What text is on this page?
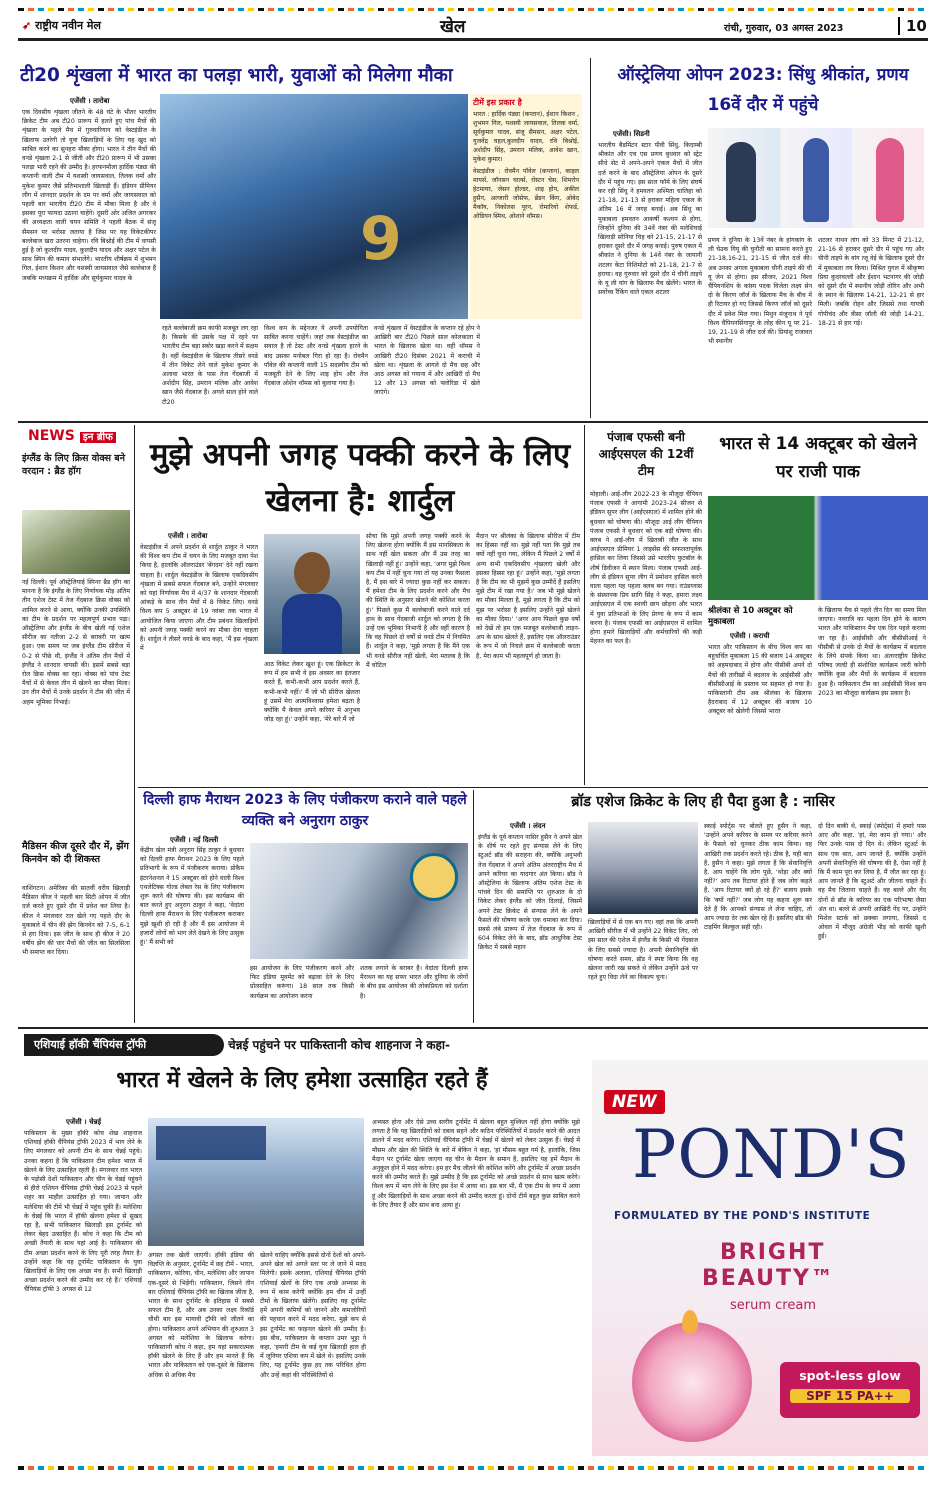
➶ राष्ट्रीय नवीन मेल	खेल	रांची, गुरुवार, 03 अगस्त 2023	10
टी20 शृंखला में भारत का पलड़ा भारी, युवाओं को मिलेगा मौका
एजेंसी । तारोबा
एक दिवसीय शृंखला जीतने के 48 घंटे के भीतर भारतीय क्रिकेट टीम अब टी20 प्रारूप में हलते हुए पांच मैचों की शृंखला के पहले मैच में गुरुवारियान को वेस्टइंडीज के खिलाफ उतरेगी तो युवा खिलाड़ियों के लिए यह खुद को साबित करने का सुनहरा मौका होगा। भारत ने तीन मैचों की वनडे शृंखला 2-1 से जीती और टी20 प्रारूप में भी उसका पलड़ा भारी रहने की उम्मीद है। हरफनमौला हार्दिक पंड्या की कप्तानी वाली टीम में यशस्वी जायसवाल, तिलक वर्मा और मुकेश कुमार जैसे प्रतिभाशाली खिलाड़ी हैं। इंडियन प्रीमियर लीग में शानदार प्रदर्शन के दम पर वर्मा और जायसवाल को पहली बार भारतीय टी20 टीम में मौका मिला है और वे इसका पूरा फायदा उठाना चाहेंगे। दूसरी ओर अजित अगरकर की अध्यक्षता वाली चयन समिति ने पहली बैठक में संजू सैमसन पर भरोसा जताया है जिस पर यह विकेटकीपर बल्लेबाज खरा उतरना चाहेगा। रवि बिश्नोई की टीम में वापसी हुई है जो कुलदीप यादव, कुलदीप यादव और अक्षर पटेल के साथ स्पिन की कमान संभालेंगे। भारतीय शीर्षक्रम में शुभमन गिल, ईशान किशन और यशस्वी जायसवाल जैसे बल्लेबाज हैं जबकि मध्यक्रम में हार्दिक और सूर्यकुमार यादव के
9
टीमें इस प्रकार है
भारत : हार्दिक पंड्या (कप्तान), ईशान किशन , शुभमन गिल, यशस्वी जायसवाल, तिलक वर्मा, सूर्यकुमार यादव, संजू सैमसन, अक्षर पटेल, युजवेंद्र चहल,कुलदीप यादव, रवि बिश्नोई, अर्शदीप सिंह, उमरान मलिक, आवेश खान, मुकेश कुमार।
वेस्टइंडीज : रोवमैन पॉवेल (कप्तान), काइल मायर्स, जॉनसन चार्ल्स, रोस्टन चेस, शिमरोन हेटमायर, जेसन होल्डर, शाइ होप, अकील हुसैन, अल्जारी जोसेफ, ब्रेंडन किंग, ओबेद मैकॉय, निकोलस पूरन, रोमारियो शेफर्ड, ओडियन स्मिथ, ओशाने थॉमस।
रहते बल्लेबाजी क्रम काफी मजबूत लग रहा है। किसके की उसके पक्ष में रहने पर भारतीय टीम बड़ा स्कोर खड़ा करने में सक्षम है। वहीं वेस्टइंडीज के खिलाफ तीसरे वनडे में तीन विकेट लेने वाले मुकेश कुमार के अलावा भारत के पास तेज गेंदबाजी में अर्शदीप सिंह, उमरान मलिक और आवेश खान जैसे गेंदबाज हैं। अगले साल होने वाले टी20
विश्व कप के मद्देनजर ये अपनी उपयोगिता साबित करना चाहेंगे। जहां तक वेस्टइंडीज का सवाल है तो टेस्ट और वनडे शृंखला हारने के बाद उसका मनोबल गिरा हो रहा है। रोवमैन पॉवेल की कप्तानी वाली 15 सदस्यीय टीम को मजबूती देने के लिए शाइ होप और तेज गेंदबाज ओशेन थॉमस को बुलाया गया है।
वनडे शृंखला में वेस्टइंडीज के कप्तान रहे होप ने आखिरी बार टी20 पिछले साल कोलकाता में भारत के खिलाफ खेला था। वहीं थॉमस ने आखिरी टी20 दिसंबर 2021 में कराची में खेला था। शृंखला के आगले दो मैच छह और आठ अगस्त को गयाना में और आखिरी दो मैच 12 और 13 अगस्त को फ्लोरिडा में खेले जाएंगे।
ऑस्ट्रेलिया ओपन 2023: सिंधु श्रीकांत, प्रणय 16वें दौर में पहुंचे
एजेंसी। सिडनी
भारतीय बैडमिंटन स्टार पीवी सिंधु, किदाम्बी श्रीकांत और एच एस प्रणय बुधवार को स्ट्रेट सीधे सेट में अपने-अपने एकल मैचों में जीत दर्ज करने के बाद ऑस्ट्रेलिया ओपन के दूसरे दौर में पहुंच गए। इस साल फॉर्म के लिए संघर्ष कर रही सिंधु ने हमवतन अश्मिता चालिहा को 21-18, 21-13 से हराकर महिला एकल के अंतिम 16 में जगह बनाई। अब सिंधु का मुकाबला हमवतन आकर्षी कश्यप से होगा, जिन्होंने दुनिया की 34वें नंबर की मलेशियाई खिलाड़ी सोनिया चिह को 21-15, 21-17 से हराकर दूसरे दौर में जगह बनाई। पुरुष एकल में श्रीकांत ने दुनिया के 14वें नंबर के जापानी शटलर केंटा निशिमोटो को 21-18, 21-7 से हराया। वह गुरुवार को दूसरे दौर में चीनी ताइपे के यू ली यांग के खिलाफ मैच खेलेंगे। भारत के सर्वोच्च रैंकिंग वाले एकल शटलर
प्रणय ने दुनिया के 13वें नंबर के हांगकांग के ली चेउक यियू की चुनौती का सामना करते हुए 21-18,16-21, 21-15 से जीत दर्ज की। अब उनका अगला मुकाबला चीनी ताइपे की ची यू जेन से होगा। इस सीजन, 2021 विश्व चैंपियनशिप के कांस्य पदक विजेता लक्ष्य सेन दो के किरण जॉर्ज के खिलाफ मैच के बीच में ही रिटायर हो गए जिससे किरण जॉर्ज को दूसरे दौर में प्रवेश मिल गया। मिथुन मंजूनाथ ने पूर्व विश्व चैंपियनसिंगापुर के लोह कीन यू पर 21-19, 21-19 से जीत दर्ज की। प्रियांशु राजावत भी स्थानीय
शटलर नाथन तांग को 33 मिनट में 21-12, 21-16 से हराकर दूसरे दौर में पहुंच गए और चीनी ताइपे के वांग त्जू वेई के खिलाफ दूसरे दौर में मुकाबला तय किया। मिश्रित युगल में श्रीकृष्ण प्रिया कुदरवल्ली और ईशान भटनागर की जोड़ी को दूसरे दौर में स्थानीय जोड़ी तोरिन और अभी के स्थान के खिलाफ 14-21, 12-21 से हार मिली। जबकि रोहन और जिससे तथा गायत्री गोपीचंद और त्रीसा जॉली की जोड़ी 14-21, 18-21 से हार गई।
NEWS इन ब्रीफ
इंग्लैंड के लिए क्रिस वोक्स बने वरदान : ब्रैड हॉग
नई दिल्ली। पूर्व ऑस्ट्रेलियाई स्पिनर ब्रैड हॉग का मानना है कि इंग्लैंड के लिए निर्णायक मोड़ अंतिम तीन एशेज टेस्ट में तेज गेंदबाज क्रिस वोक्स को शामिल करने से आया, क्योंकि उनकी उपस्थिति का टीम के प्रदर्शन पर महत्वपूर्ण प्रभाव पड़ा। ऑस्ट्रेलिया और इंग्लैंड के बीच खेली गई एशेज सीरीज का नतीजा 2-2 से बराबरी पर खत्म हुआ। एक समय पर जब इंग्लैंड टीम सीरीज में 0-2 से पीछे थी, इंग्लैंड ने अंतिम तीन मैचों में इंग्लैंड ने शानदार वापसी की। इसमें सबसे बड़ा रोल क्रिस वोक्स का रहा। वोक्स को पांच टेस्ट मैचों में से केवल तीन में खेलने का मौका मिला। उन तीन मैचों में उनके प्रदर्शन ने टीम की जीत में अहम भूमिका निभाई।
मैडिसन कीज दूसरे दौर में, झेंग किनवेन को दी शिकस्त
वाशिंगटन। अमेरिका की सातवीं वरीय खिलाड़ी मैडिसन कीज ने पहली बार सिटी ओपन में जीत दर्ज करते हुए दूसरे दौर में प्रवेश कर लिया है। कीज ने मंगलवार रात खेले गए पहले दौर के मुकाबले में चीन की झेंग किनवेन को 7-5, 6-1 से हरा दिया। इस जीत के साथ ही कीज ने 20 वर्षीय झेंग की चार मैचों की जीत का सिलसिला भी समाप्त कर दिया।
मुझे अपनी जगह पक्की करने के लिए खेलना है: शार्दुल
एजेंसी । तारोबा
वेस्टइंडीज में अपने प्रदर्शन से शार्दुल ठाकुर ने भारत की विश्व कप टीम में चयन के लिए मजबूत दावा पेश किया है, हालांकि ऑलराउंडर 'बेंगदम' देने नहीं रखना चाहता है। शार्दुल वेस्टइंडीज के खिलाफ एकदिवसीय शृंखला में सबसे सफल गेंदबाज बने, उन्होंने मंगलवार को यहां निर्णायक मैच में 4/37 के शानदार गेंदबाजी आंकड़े के साथ तीन मैचों में 8 विकेट लिए। वनडे विश्व कप 5 अक्टूबर से 19 नवंबर तक भारत में आयोजित किया जाएगा और टीम प्रबंधन खिलाड़ियों को अपनी जगह पक्की करने का मौका देना चाहता है। शार्दुल ने तीसरे वनडे के बाद कहा, 'मैं इस शृंखला में
आठ विकेट लेकर खुश हूं। एक क्रिकेटर के रूप में हम सभी ये इस अवसर का इंतजार करते हैं, कभी-कभी आप प्रदर्शन करते हैं, कभी-कभी नहीं।' मैं जो भी सीरीज खेलता हूं उसमें मेरा आत्मविश्वास हमेशा बढ़ता है क्योंकि मैं केवल अपने करियर में अनुभव जोड़ रहा हूं।' उन्होंने कहा, 'मेरे बारे मैं जो
सोचा कि मुझे अपनी जगह पक्की करने के लिए खेलना होगा क्योंकि मैं इस मानसिकता के साथ नहीं खेल सकता और मैं उस तरह का खिलाड़ी नहीं हूं।' उन्होंने कहा, 'अगर मुझे विश्व कप टीम में नहीं चुना गया तो यह उनका फैसला है, मैं इस बारे में ज्यादा कुछ नहीं कर सकता। मैं हमेशा टीम के लिए प्रदर्शन करने और मैच की स्थिति के अनुसार खेलने की कोशिश करता हूं।' पिछले कुछ मैं बल्लेबाजी करने वाले दर्द हाथ के साथ गेंदबाजी शार्दुल को लगता है कि उन्हें एक भूमिका निभानी है और वहीं कारण है कि वह पिछले दो वर्षों से वनडे टीम में नियमित हैं। शार्दुल ने कहा, 'मुझे लगता है कि मैंने एक भी वनडे सीरीज नहीं खेली, मेरा मतलब है कि मैं चोटिल
मैदान पर श्रीलंका के खिलाफ सीरीज में टीम का हिस्सा नहीं था। मुझे नहीं पता कि मुझे तब क्यों नहीं चुना गया, लेकिन मैं पिछले 2 वर्षों में अन्य सभी एकदिवसीय शृंखलाएं खेली और इसका हिस्सा रहा हूं।' उन्होंने कहा, 'मुझे लगता है कि टीम का भी मुझमें कुछ उम्मीदें हैं इसलिए मुझे टीम में रखा गया है।' जब भी मुझे खेलने का मौका मिलता है, मुझे लगता है कि टीम को मुझ पर भरोसा है इसलिए उन्होंने मुझे खेलने का मौका दिया।' 'अगर आप पिछले कुछ वर्षों को देखें तो हम एक मजबूत बल्लेबाजी लाइन-अप के साथ खेलते हैं, इसलिए एक ऑलराउंडर के रूप में जो निचले क्रम में बल्लेबाजी करता है, मेरा काम भी महत्वपूर्ण हो जाता है।
पंजाब एफसी बनी आईएसएल की 12वीं टीम
मोहाली। आई-लीग 2022-23 के मौजूदा चैंपियन पंजाब एफसी ने आगामी 2023-24 सीजन से इंडियन सुपर लीग (आईएसएल) में शामिल होने की बुधवार को घोषणा की। मौजूदा आई लीग चैंपियन पंजाब एफसी ने बुधवार को एक बड़ी घोषणा की। क्लब ने आई-लीग में खिताबी जीत के साथ आईएसएल प्रीमियर 1 लाइसेंस की सफलतापूर्वक हासिल कर लिया जिससे उसे भारतीय फुटबॉल के शीर्ष डिवीजन में स्थान मिला। पंजाब एफसी आई-लीग से इंडियन सुपर लीग में प्रमोशन हासिल करने वाला पहला यह पहला क्लब बन गया। राउंडग्लास के संस्थापक प्रिय सागि सिंह ने कहा, हमारा लक्ष्य आईएसएल में एक स्थायी छाप छोड़ना और भारत में युवा प्रतिभाओं के लिए प्रेरणा के रूप में काम करना है। पंजाब एफसी का आईएसएल में शामिल होना हमारे खिलाड़ियों और कर्मचारियों की कड़ी मेहनत का फल है।
भारत से 14 अक्टूबर को खेलने पर राजी पाक
श्रीलंका से 10 अक्टूबर को मुकाबला
एजेंसी । कराची
भारत और पाकिस्तान के बीच विश्व कप का बहुचर्चित मुकाबला 15 की बजाय 14 अक्टूबर को अहमदाबाद में होगा और पीसीबी अपने दो मैचों की तारीखों में बदलाव के आईसीसी और बीसीसीआई के प्रस्ताव पर सहमत हो गया है। पाकिस्तानी टीम अब श्रीलंका के खिलाफ हैदराबाद में 12 अक्टूबर की बजाय 10 अक्टूबर को खेलेगी जिससे भारत
के खिलाफ मैच से पहले तीन दिन का समय मिल जाएगा। नवरात्रि का पहला दिन होने के कारण भारत और पाकिस्तान मैच एक दिन पहले कराया जा रहा है। आईसीसी और बीसीसीआई ने पीसीबी से उनके दो मैचों के कार्यक्रम में बदलाव के लिये संपर्क किया था। अंतरराष्ट्रीय क्रिकेट परिषद जल्दी ही संशोधित कार्यक्रम जारी करेगी क्योंकि कुछ और मैचों के कार्यक्रम में बदलाव हुआ है। पाकिस्तान टीम का आईसीसी विश्व कप 2023 का मौजूदा कार्यक्रम इस प्रकार है।
दिल्ली हाफ मैराथन 2023 के लिए पंजीकरण कराने वाले पहले व्यक्ति बने अनुराग ठाकुर
एजेंसी । नई दिल्ली
केंद्रीय खेल मंत्री अनुराग सिंह ठाकुर ने बुधवार को दिल्ली हाफ मैराथन 2023 के लिए पहले प्रतिभागी के रूप में पंजीकरण कराया। प्रोकैम इंटरनेशनल ने 15 अक्टूबर को होने वाली विश्व एथलेटिक्स गोल्ड लेबल रेस के लिए पंजीकरण शुरू करने की घोषणा की। इस कार्यक्रम की बात करते हुए अनुराग ठाकुर ने कहा, 'वेदांता दिल्ली हाफ मैराथन के लिए पंजीकरण कराकर मुझे खुशी हो रही है और मैं इस आयोजन में हजारों लोगों को भाग लेते देखने के लिए उत्सुक हूं।' मैं सभी को
इस आयोजन के लिए पंजीकरण करने और फिट इंडिया मूवमेंट को बढ़ावा देने के लिए प्रोत्साहित करूंगा। 18 साल तक किसी कार्यक्रम का आयोजन करना
शतक लगाने के बराबर है। वेदांता दिल्ली हाफ मैराथन का यह सफर भारत और दुनिया के लोगों के बीच इस आयोजन की लोकप्रियता को दर्शाता है।
ब्रॉड एशेज क्रिकेट के लिए ही पैदा हुआ है : नासिर
एजेंसी । लंदन
इंग्लैंड के पूर्व कप्तान नासिर हुसैन ने अपने खेल के शीर्ष पर रहते हुए संन्यास लेने के लिए स्टुअर्ट ब्रॉड की सराहना की, क्योंकि अनुभवी तेज गेंदबाज ने अपने अंतिम अंतरराष्ट्रीय मैच में अपने करियर का यादगार अंत किया। ब्रॉड ने ऑस्ट्रेलिया के खिलाफ अंतिम एशेज टेस्ट के पांचवे दिन की समाप्ति पर शुरुआत के दो विकेट लेकर इंग्लैंड को जीत दिलाई, जिसमें अपने टेस्ट क्रिकेट से संन्यास लेने के अपने फैसले की घोषणा करके एक धमाका कर दिया। सबसे लंबे प्रारूप में तेज गेंदबाज के रूप में 604 विकेट लेने के बाद, ब्रॉड आधुनिक टेस्ट क्रिकेट में सबसे महान
खिलाड़ियों में से एक बन गए। वहां तक कि अपनी आखिरी सीरीज में भी उन्होंने 22 विकेट लिए, जो इस साल की एशेज में इंग्लैंड के किसी भी गेंदबाज के लिए सबसे ज्यादा है। अपनी सेवानिवृत्ति की घोषणा करते समय, ब्रॉड ने स्पष्ट किया कि वह खेलना जारी रख सकते थे लेकिन उन्होंने ऊंचे पर रहते हुए विदा लेने का विकल्प चुना।
स्काई स्पोर्ट्स पर बोलते हुए हुसैन ने कहा, 'उन्होंने अपने करियर के समय पर करियर करने के फैसले को चुनकर ठीक काम किया। वह आखिरी तक प्रदर्शन करते रहे। ठीक है, यही बात है, हुसैन ने कहा। मुझे लगता है कि सेवानिवृत्ति है, आप चाहेंगे कि लोग पूछें, 'थोड़ा और क्यों नहीं?' आप तब रिटायर होते हैं जब लोग कहते हैं, 'आप रिटायर क्यों हो रहे हैं?' बजाय इसके कि 'क्यों नहीं?' जब लोग यह कहना शुरू कर देते हैं कि आपको संन्यास ले लेना चाहिए, तो आप ज्यादा देर तक खेल रहे हैं। इसलिए ब्रॉड की टाइमिंग बिल्कुल सही रही।
दो दिन बाकी थे, स्काई (स्पोर्ट्स) में हमारे पास आए और कहा, 'हां, मेरा काम हो गया।' और फिर उनके पास दो दिन थे। लेकिन स्टुअर्ट के साथ एक बात, आप जानते हैं, क्योंकि उन्होंने अपनी सेवानिवृत्ति की घोषणा की है, ऐसा नहीं है कि मैं काम पूरा कर लिया है, मैं जीत कर रहा हूं। आप जानते हैं कि स्टुअर्ट और जीतना चाहते हैं। वह मैच जिताना चाहते हैं। वह बल्ले और गेंद दोनों से ब्रॉड के करियर का एक परिभाषा जैसा अंत था। बल्ले से अपनी आखिरी गेंद पर, उन्होंने मिशेल स्टार्क को छक्का लगाया, जिससे द ओवल में मौजूद अंग्रेजी भीड़ को काफी खुशी हुई।
एशियाई हॉकी चैंपियंस ट्रॉफी	चेन्नई पहुंचने पर पाकिस्तानी कोच शाहनाज ने कहा-
भारत में खेलने के लिए हमेशा उत्साहित रहते हैं
एजेंसी । चेन्नई
पाकिस्तान के मुख्य हॉकी कोच शेख शाहनाज एशियाई हॉकी चैंपियंस ट्रॉफी 2023 में भाग लेने के लिए मंगलवार को अपनी टीम के साथ चेन्नई पहुंचे। उनका कहना है कि पाकिस्तान टीम हमेशा भारत में खेलने के लिए उत्साहित रहती है। मंगलवार रात भारत के पड़ोसी देशों पाकिस्तान और चीन के चेन्नई पहुंचने से हीरो एशियन चैंपियंस ट्रॉफी चेन्नई 2023 से पहले शहर का माहौल उत्साहित हो गया। जापान और मलेशिया की टीमें भी चेन्नई में पहुंच चुकी हैं। मलेशिया के चेन्नई कि भारत में हॉकी खेलना हमेशा से सुखद रहा है, सभी पाकिस्तान खिलाड़ी इस टूर्नामेंट को लेकर बेहद उत्साहित हैं। कोच ने कहा कि टीम को अच्छी तैयारी के साथ यहां आई है। पाकिस्तान की टीम अच्छा प्रदर्शन करने के लिए पूरी तरह तैयार है। उन्होंने कहा कि यह टूर्नामेंट पाकिस्तान के युवा खिलाड़ियों के लिए एक अच्छा मंच है। सभी खिलाड़ी अच्छा प्रदर्शन करने की उम्मीद कर रहे हैं।' एशियाई चैंपियंस ट्रॉफी 3 अगस्त से 12
अगस्त तक खेली जाएगी। हॉकी इंडिया की विज्ञप्ति के अनुसार, टूर्नामेंट में छह टीमें - भारत, पाकिस्तान, कोरिया, चीन, मलेशिया और जापान एक-दूसरे से भिड़ेंगी। पाकिस्तान, जिसने तीन बार एशियाई चैंपियंस ट्रॉफी का खिताब जीता है, भारत के साथ टूर्नामेंट के इतिहास में सबसे सफल टीम है, और अब उनका लक्ष्य रिकॉर्ड चौथी बार इस मायावी ट्रॉफी को जीतने का होगा। पाकिस्तान अपने अभियान की शुरुआत 3 अगस्त को मलेशिया के खिलाफ करेगा। पाकिस्तानी कोच ने कहा, हम यहां सकारात्मक हॉकी खेलने के लिए हैं और हम मानते हैं कि भारत और पाकिस्तान को एक-दूसरे के खिलाफ अधिक से अधिक मैच
खेलने चाहिए क्योंकि इससे दोनों देशों को अपने-अपने खेल को अगले स्तर पर ले जाने में मदद मिलेगी। इसके अलावा, एशियाई चैंपियंस ट्रॉफी एशियाई खेलों के लिए एक अच्छे अभ्यास के रूप में काम करेगी क्योंकि हम चीन में उन्हीं टीमों के खिलाफ खेलेंगे। इसलिए यह टूर्नामेंट हमें अपनी कमियों को जानने और कमजोरियों की पहचान करने में मदद करेगा, मुझे कप से इस टूर्नामेंट का फाइनल खेलने की उम्मीद है। इस बीच, पाकिस्तान के कप्तान उमर भुट्टा ने कहा, 'हमारी टीम के कई युवा खिलाड़ी हाल ही में जूनियर एशिया कप में खेले थे। इसलिए उनके लिए, यह टूर्नामेंट कुछ हद तक परिचित होगा और उन्हें कहां की परिस्थितियों से
अभ्यस्त होना और ऐसे उच्च स्तरीय टूर्नामेंट में खेलना बहुत मुश्किल नहीं होगा क्योंकि मुझे लगता है कि यह खिलाड़ियों को दबाव सहने और कठिन परिस्थितियों में प्रदर्शन करने की आदत डालने में मदद करेगा। एशियाई चैंपियंस ट्रॉफी में चेन्नई में खेलने को लेकर उत्सुक हैं। चेन्नई में मौसम और खेल की स्थिति के बारे में बेकिन ने कहा, 'हां मौसम बहुत गर्म है, हालांकि, जिस मैदान पर टूर्नामेंट खेला जाएगा वह चीन के मैदान के समान है, इसलिए यह हमें मैदान के अनुकूल होने में मदद करेगा। हम हर मैच जीतने की कोशिश करेंगे और टूर्नामेंट में अच्छा प्रदर्शन करने की उम्मीद करते हैं। मुझे उम्मीद है कि इस टूर्नामेंट को अच्छे प्रदर्शन से साथ खत्म करेंगे। विश्व कप में भाग लेने के लिए इस देश में आया था। इस बार भी, मैं एक टीम के रूप में आया हूं और खिलाड़ियों के साथ अच्छा करने की उम्मीद करता हूं। दोनों टीमें बहुत कुछ साबित करने के लिए तैयार हैं और साथ बना आया हूं।
NEW
POND'S
FORMULATED BY THE POND'S INSTITUTE
BRIGHT
BEAUTY™
serum cream
spot-less glow
SPF 15 PA++
